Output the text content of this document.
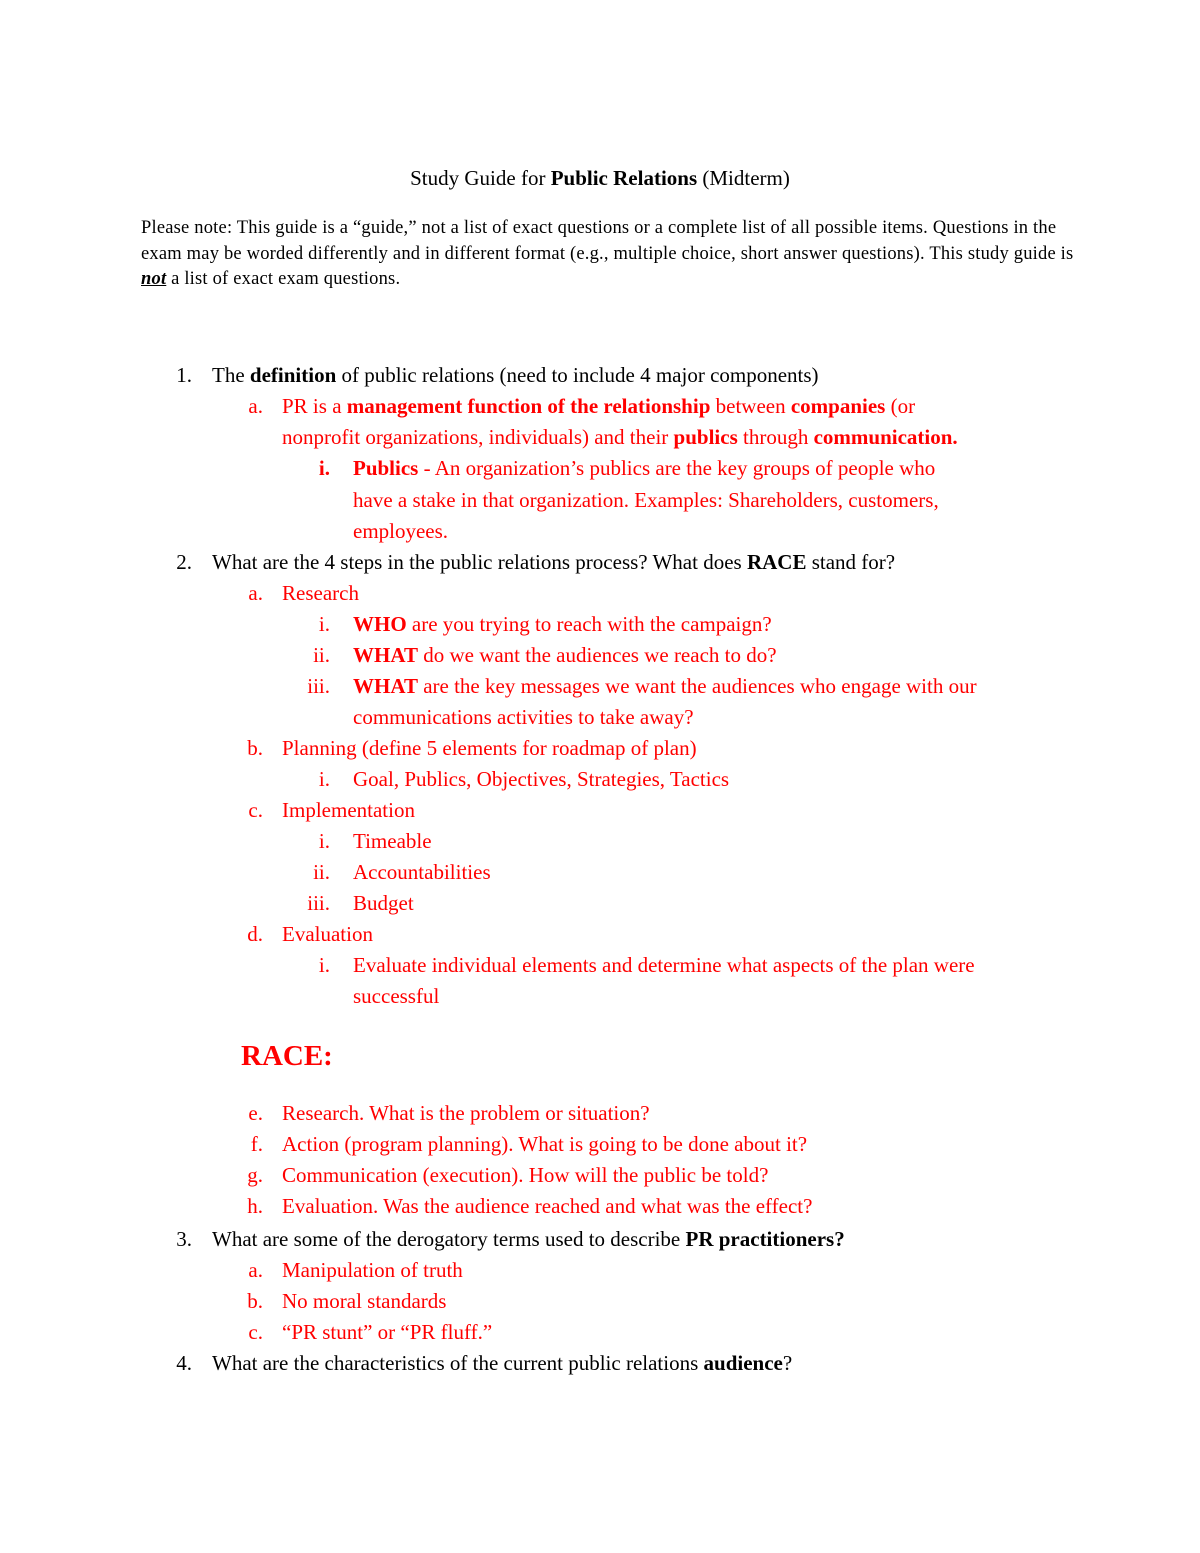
Study Guide for Public Relations (Midterm)
Please note: This guide is a “guide,” not a list of exact questions or a complete list of all possible items. Questions in the exam may be worded differently and in different format (e.g., multiple choice, short answer questions). This study guide is not a list of exact exam questions.
1. The definition of public relations (need to include 4 major components)
a. PR is a management function of the relationship between companies (or
nonprofit organizations, individuals) and their publics through communication.
i. Publics - An organization’s publics are the key groups of people who
have a stake in that organization. Examples: Shareholders, customers,
employees.
2. What are the 4 steps in the public relations process? What does RACE stand for?
a. Research
i. WHO are you trying to reach with the campaign?
ii. WHAT do we want the audiences we reach to do?
iii. WHAT are the key messages we want the audiences who engage with our
communications activities to take away?
b. Planning (define 5 elements for roadmap of plan)
i. Goal, Publics, Objectives, Strategies, Tactics
c. Implementation
i. Timeable
ii. Accountabilities
iii. Budget
d. Evaluation
i. Evaluate individual elements and determine what aspects of the plan were
successful
RACE:
e. Research. What is the problem or situation?
f. Action (program planning). What is going to be done about it?
g. Communication (execution). How will the public be told?
h. Evaluation. Was the audience reached and what was the effect?
3. What are some of the derogatory terms used to describe PR practitioners?
a. Manipulation of truth
b. No moral standards
c. “PR stunt” or “PR fluff.”
4. What are the characteristics of the current public relations audience?
